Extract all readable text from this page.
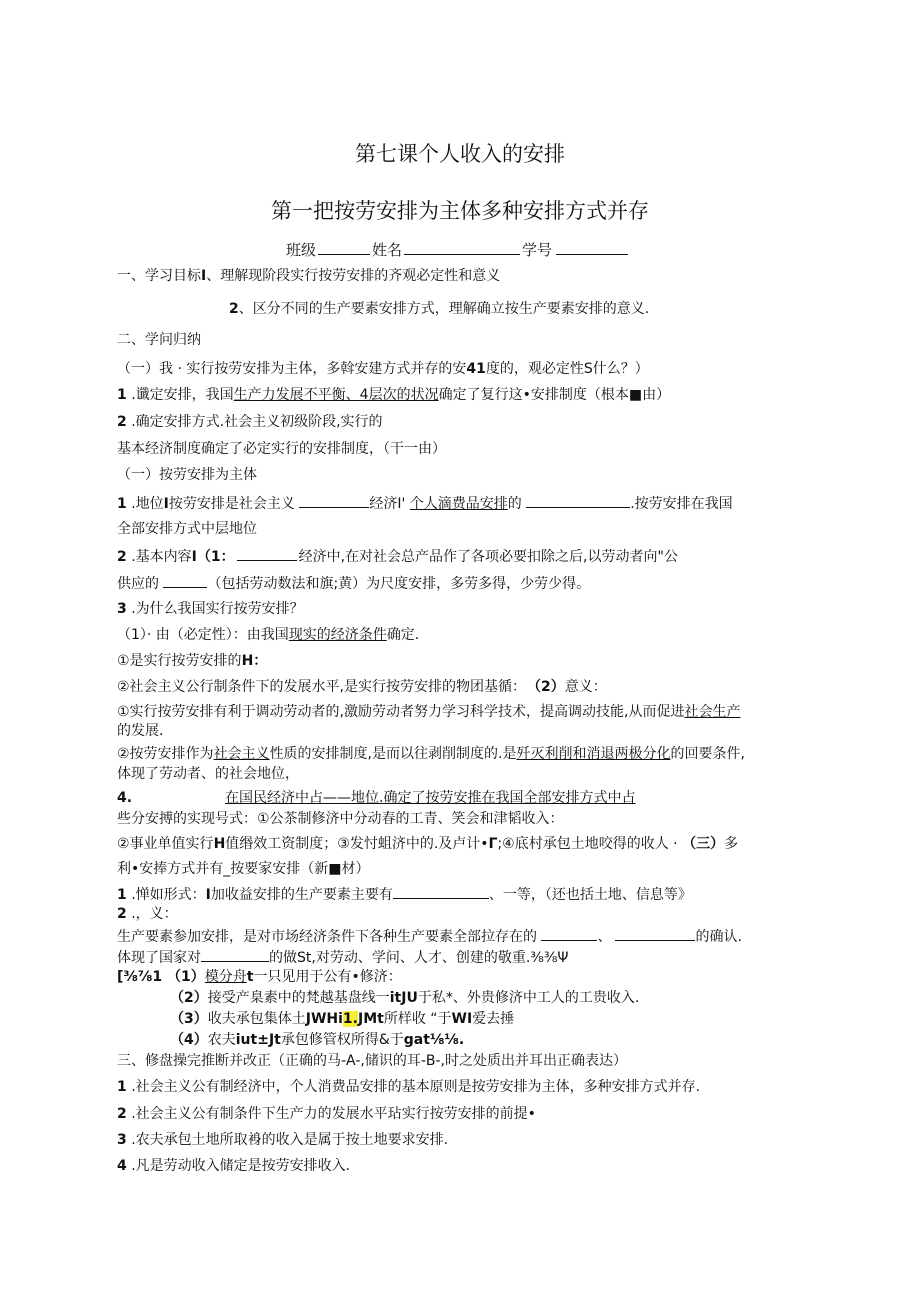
第七课个人收入的安排
第一把按劳安排为主体多种安排方式并存
班级	姓名	学号
一、学习目标I、理解现阶段实行按劳安排的齐观必定性和意义
2、区分不同的生产要素安排方式，理解确立按生产要素安排的意义.
二、学问归纳
（一）我 · 实行按劳安排为主体，多斡安建方式并存的安41度的，观必定性S什么？）
1 .谶定安排，我国生产力发展不平衡、4层次的状况确定了复行这•安排制度（根本■由）
2 .确定安排方式.社会主义初级阶段,实行的
基本经济制度确定了必定实行的安排制度，（干一由）
（一）按劳安排为主体
1 .地位I按劳安排是社会主义	经济I' 个人滴费品安排的	.按劳安排在我国
全部安排方式中层地位
2 .基本内容I（1：	经济中,在对社会总产品作了各项必要扣除之后,以劳动者向"公
供应的	（包括劳动数法和旗;黄）为尺度安排，多劳多得，少劳少得。
3 .为什么我国实行按劳安排？
（1）· 由（必定性）：由我国现实的经济条件确定.
①是实行按劳安排的H：
②社会主义公行制条件下的发展水平,是实行按劳安排的物团基循： （2）意义：
①实行按劳安排有利于调动劳动者的,激励劳动者努力学习科学技术，提高调动技能,从而促进社会生产
的发展.
②按劳安排作为社会主义性质的安排制度,是而以往剥削制度的.是歼灭利削和消退两极分化的回要条件,
体现了劳动者、的社会地位，
4.	在国民经济中占——地位.确定了按劳安推在我国全部安排方式中占
些分安搏的实现号式：①公茶制修济中分动春的工青、笑会和津韬收入：
②事业单值实行H值缗效工资制度；③发忖蛆济中的.及卢计•Γ;④底村承包土地咬得的收人 · （三）多
利•安捧方式并有_按要家安排（新■材）
1 .惮如形式：I加收益安排的生产要素主要有	、一等，（还也括土地、信息等》
2 .，义：
生产要素参加安排，是对市场经济条件下各种生产要素全部拉存在的	、	的确认.
体现了国家对	的做St,对劳动、学问、人才、创建的敬重.⅜⅜Ψ
[⅜⅞1 （1）模分舟t一只见用于公有•修济：
（2）接受产臬素中的梵越基盘线一itJU于私*、外贵修济中工人的工贵收入.
（3）收夫承包集体土JWHi1.JMt所样收 “于WI爱去捶
（4）农夫iut±Jt承包修管权所得&于gat⅛⅛.
三、修盘操完推断并改正（正确的马-A-,储识的耳-B-,时之处质出并耳出正确表达）
1 .社会主义公有制经济中，个人消费品安排的基本原则是按劳安排为主体，多种安排方式并存.
2 .社会主义公有制条件下生产力的发展水平玷实行按劳安排的前提•
3 .农夫承包土地所取裑的收入是属于按土地要求安排.
4 .凡是劳动收入储定是按劳安排收入.
